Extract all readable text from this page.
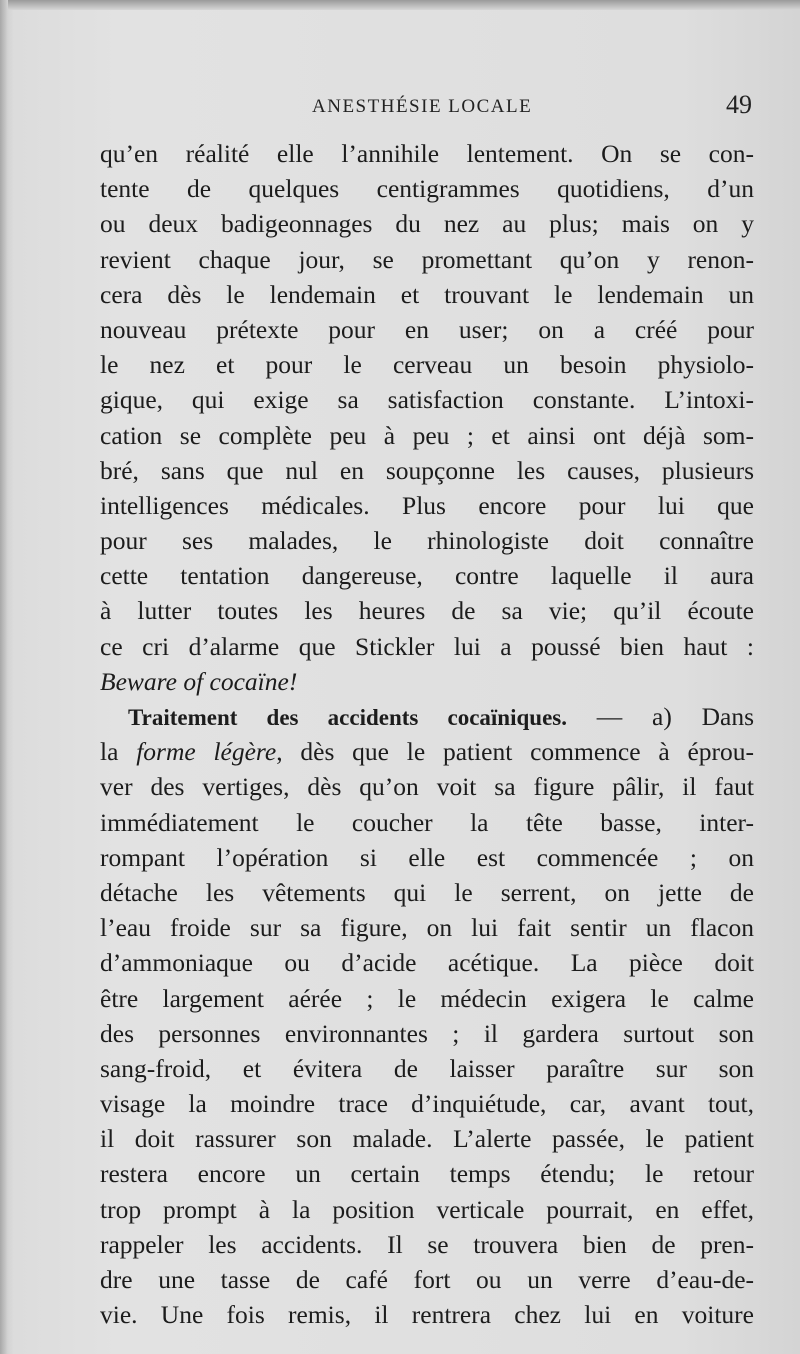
ANESTHÉSIE LOCALE	49
qu’en réalité elle l’annihile lentement. On se con-
tente de quelques centigrammes quotidiens, d’un
ou deux badigeonnages du nez au plus; mais on y
revient chaque jour, se promettant qu’on y renon-
cera dès le lendemain et trouvant le lendemain un
nouveau prétexte pour en user; on a créé pour
le nez et pour le cerveau un besoin physiolo-
gique, qui exige sa satisfaction constante. L’intoxi-
cation se complète peu à peu ; et ainsi ont déjà som-
bré, sans que nul en soupçonne les causes, plusieurs
intelligences médicales. Plus encore pour lui que
pour ses malades, le rhinologiste doit connaître
cette tentation dangereuse, contre laquelle il aura
à lutter toutes les heures de sa vie; qu’il écoute
ce cri d’alarme que Stickler lui a poussé bien haut :
Beware of cocaïne!
Traitement des accidents cocaïniques. — a) Dans
la forme légère, dès que le patient commence à éprou-
ver des vertiges, dès qu’on voit sa figure pâlir, il faut
immédiatement le coucher la tête basse, inter-
rompant l’opération si elle est commencée ; on
détache les vêtements qui le serrent, on jette de
l’eau froide sur sa figure, on lui fait sentir un flacon
d’ammoniaque ou d’acide acétique. La pièce doit
être largement aérée ; le médecin exigera le calme
des personnes environnantes ; il gardera surtout son
sang-froid, et évitera de laisser paraître sur son
visage la moindre trace d’inquiétude, car, avant tout,
il doit rassurer son malade. L’alerte passée, le patient
restera encore un certain temps étendu; le retour
trop prompt à la position verticale pourrait, en effet,
rappeler les accidents. Il se trouvera bien de pren-
dre une tasse de café fort ou un verre d’eau-de-
vie. Une fois remis, il rentrera chez lui en voiture
